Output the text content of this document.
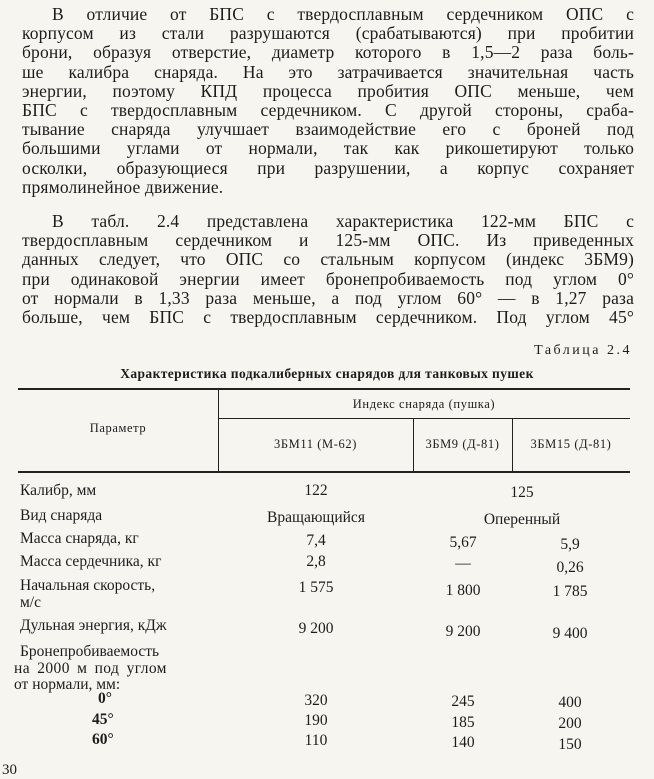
В отличие от БПС с твердосплавным сердечником ОПС с
корпусом из стали разрушаются (срабатываются) при пробитии
брони, образуя отверстие, диаметр которого в 1,5—2 раза боль-
ше калибра снаряда. На это затрачивается значительная часть
энергии, поэтому КПД процесса пробития ОПС меньше, чем
БПС с твердосплавным сердечником. С другой стороны, сраба-
тывание снаряда улучшает взаимодействие его с броней под
большими углами от нормали, так как рикошетируют только
осколки, образующиеся при разрушении, а корпус сохраняет
прямолинейное движение.
В табл. 2.4 представлена характеристика 122-мм БПС с
твердосплавным сердечником и 125-мм ОПС. Из приведенных
данных следует, что ОПС со стальным корпусом (индекс 3БМ9)
при одинаковой энергии имеет бронепробиваемость под углом 0°
от нормали в 1,33 раза меньше, а под углом 60° — в 1,27 раза
больше, чем БПС с твердосплавным сердечником. Под углом 45°
Таблица 2.4
Характеристика подкалиберных снарядов для танковых пушек
Параметр
Индекс снаряда (пушка)
3БМ11 (М-62)	3БМ9 (Д-81)	3БМ15 (Д-81)
Калибр, мм	122	125
Вид снаряда	Вращающийся	Оперенный
Масса снаряда, кг	7,4	5,67	5,9
Масса сердечника, кг	2,8	—	0,26
Начальная скорость,
м/с
1 575	1 800	1 785
Дульная энергия, кДж	9 200	9 200	9 400
Бронепробиваемость
на 2000 м под углом
от нормали, мм:
0°	320	245	400
45°	190	185	200
60°	110	140	150
30
